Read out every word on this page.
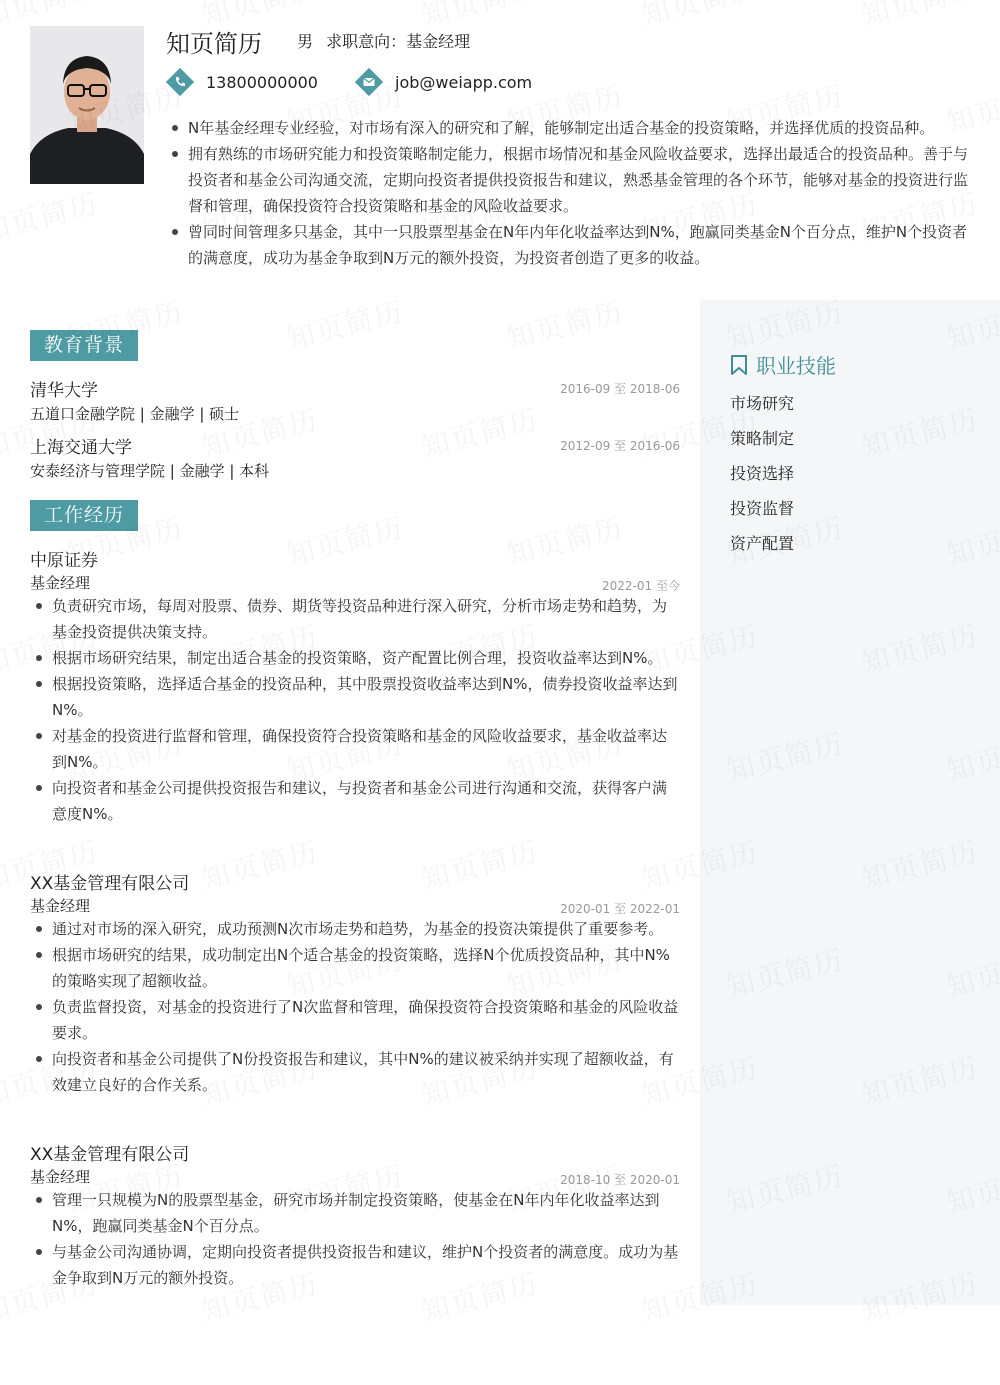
知页简历 男 求职意向：基金经理
13800000000	job@weiapp.com
N年基金经理专业经验，对市场有深入的研究和了解，能够制定出适合基金的投资策略，并选择优质的投资品种。
拥有熟练的市场研究能力和投资策略制定能力，根据市场情况和基金风险收益要求，选择出最适合的投资品种。善于与投资者和基金公司沟通交流，定期向投资者提供投资报告和建议，熟悉基金管理的各个环节，能够对基金的投资进行监督和管理，确保投资符合投资策略和基金的风险收益要求。
曾同时间管理多只基金，其中一只股票型基金在N年内年化收益率达到N%，跑赢同类基金N个百分点，维护N个投资者的满意度，成功为基金争取到N万元的额外投资，为投资者创造了更多的收益。
教育背景
清华大学	2016-09 至 2018-06
五道口金融学院 | 金融学 | 硕士
上海交通大学	2012-09 至 2016-06
安泰经济与管理学院 | 金融学 | 本科
工作经历
中原证券
基金经理	2022-01 至今
负责研究市场，每周对股票、债券、期货等投资品种进行深入研究，分析市场走势和趋势，为基金投资提供决策支持。
根据市场研究结果，制定出适合基金的投资策略，资产配置比例合理，投资收益率达到N%。
根据投资策略，选择适合基金的投资品种，其中股票投资收益率达到N%，债券投资收益率达到N%。
对基金的投资进行监督和管理，确保投资符合投资策略和基金的风险收益要求，基金收益率达到N%。
向投资者和基金公司提供投资报告和建议，与投资者和基金公司进行沟通和交流，获得客户满意度N%。
XX基金管理有限公司
基金经理	2020-01 至 2022-01
通过对市场的深入研究，成功预测N次市场走势和趋势，为基金的投资决策提供了重要参考。
根据市场研究的结果，成功制定出N个适合基金的投资策略，选择N个优质投资品种，其中N%的策略实现了超额收益。
负责监督投资，对基金的投资进行了N次监督和管理，确保投资符合投资策略和基金的风险收益要求。
向投资者和基金公司提供了N份投资报告和建议，其中N%的建议被采纳并实现了超额收益，有效建立良好的合作关系。
XX基金管理有限公司
基金经理	2018-10 至 2020-01
管理一只规模为N的股票型基金，研究市场并制定投资策略，使基金在N年内年化收益率达到N%，跑赢同类基金N个百分点。
与基金公司沟通协调，定期向投资者提供投资报告和建议，维护N个投资者的满意度。成功为基金争取到N万元的额外投资。
职业技能
市场研究
策略制定
投资选择
投资监督
资产配置
